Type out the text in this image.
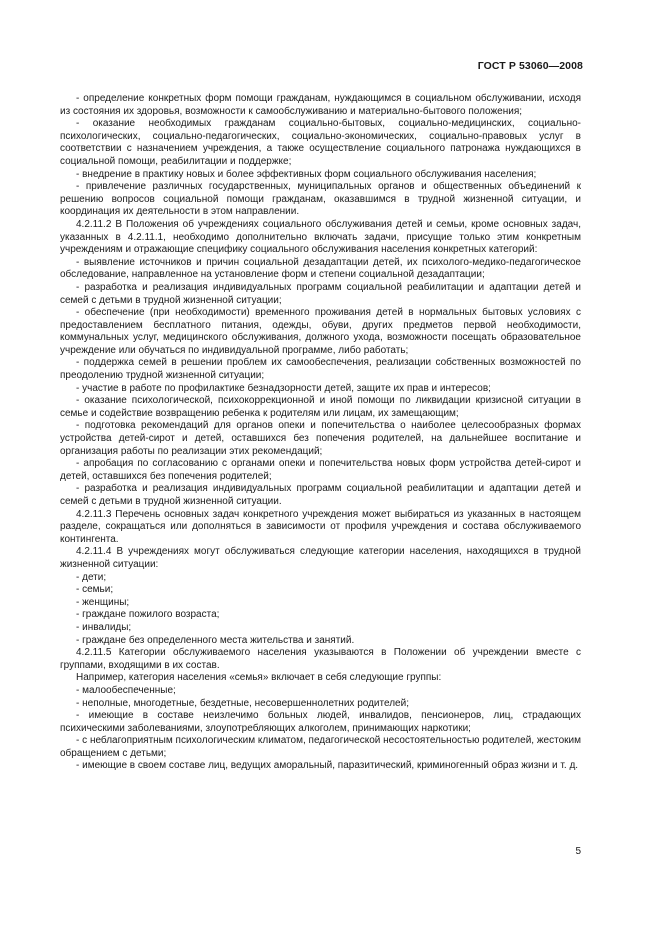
ГОСТ Р 53060—2008

- определение конкретных форм помощи гражданам, нуждающимся в социальном обслуживании, исходя из состояния их здоровья, возможности к самообслуживанию и материально-бытового положения;

- оказание необходимых гражданам социально-бытовых, социально-медицинских, социально-психологических, социально-педагогических, социально-экономических, социально-правовых услуг в соответствии с назначением учреждения, а также осуществление социального патронажа нуждающихся в социальной помощи, реабилитации и поддержке;

- внедрение в практику новых и более эффективных форм социального обслуживания населения;

- привлечение различных государственных, муниципальных органов и общественных объединений к решению вопросов социальной помощи гражданам, оказавшимся в трудной жизненной ситуации, и координация их деятельности в этом направлении.

4.2.11.2 В Положения об учреждениях социального обслуживания детей и семьи, кроме основных задач, указанных в 4.2.11.1, необходимо дополнительно включать задачи, присущие только этим конкретным учреждениям и отражающие специфику социального обслуживания населения конкретных категорий:

- выявление источников и причин социальной дезадаптации детей, их психолого-медико-педагогическое обследование, направленное на установление форм и степени социальной дезадаптации;

- разработка и реализация индивидуальных программ социальной реабилитации и адаптации детей и семей с детьми в трудной жизненной ситуации;

- обеспечение (при необходимости) временного проживания детей в нормальных бытовых условиях с предоставлением бесплатного питания, одежды, обуви, других предметов первой необходимости, коммунальных услуг, медицинского обслуживания, должного ухода, возможности посещать образовательное учреждение или обучаться по индивидуальной программе, либо работать;

- поддержка семей в решении проблем их самообеспечения, реализации собственных возможностей по преодолению трудной жизненной ситуации;

- участие в работе по профилактике безнадзорности детей, защите их прав и интересов;

- оказание психологической, психокоррекционной и иной помощи по ликвидации кризисной ситуации в семье и содействие возвращению ребенка к родителям или лицам, их замещающим;

- подготовка рекомендаций для органов опеки и попечительства о наиболее целесообразных формах устройства детей-сирот и детей, оставшихся без попечения родителей, на дальнейшее воспитание и организация работы по реализации этих рекомендаций;

- апробация по согласованию с органами опеки и попечительства новых форм устройства детей-сирот и детей, оставшихся без попечения родителей;

- разработка и реализация индивидуальных программ социальной реабилитации и адаптации детей и семей с детьми в трудной жизненной ситуации.

4.2.11.3 Перечень основных задач конкретного учреждения может выбираться из указанных в настоящем разделе, сокращаться или дополняться в зависимости от профиля учреждения и состава обслуживаемого контингента.

4.2.11.4 В учреждениях могут обслуживаться следующие категории населения, находящихся в трудной жизненной ситуации:

- дети;

- семьи;

- женщины;

- граждане пожилого возраста;

- инвалиды;

- граждане без определенного места жительства и занятий.

4.2.11.5 Категории обслуживаемого населения указываются в Положении об учреждении вместе с группами, входящими в их состав.

Например, категория населения «семья» включает в себя следующие группы:

- малообеспеченные;

- неполные, многодетные, бездетные, несовершеннолетних родителей;

- имеющие в составе неизлечимо больных людей, инвалидов, пенсионеров, лиц, страдающих психическими заболеваниями, злоупотребляющих алкоголем, принимающих наркотики;

- с неблагоприятным психологическим климатом, педагогической несостоятельностью родителей, жестоким обращением с детьми;

- имеющие в своем составе лиц, ведущих аморальный, паразитический, криминогенный образ жизни и т. д.

5
